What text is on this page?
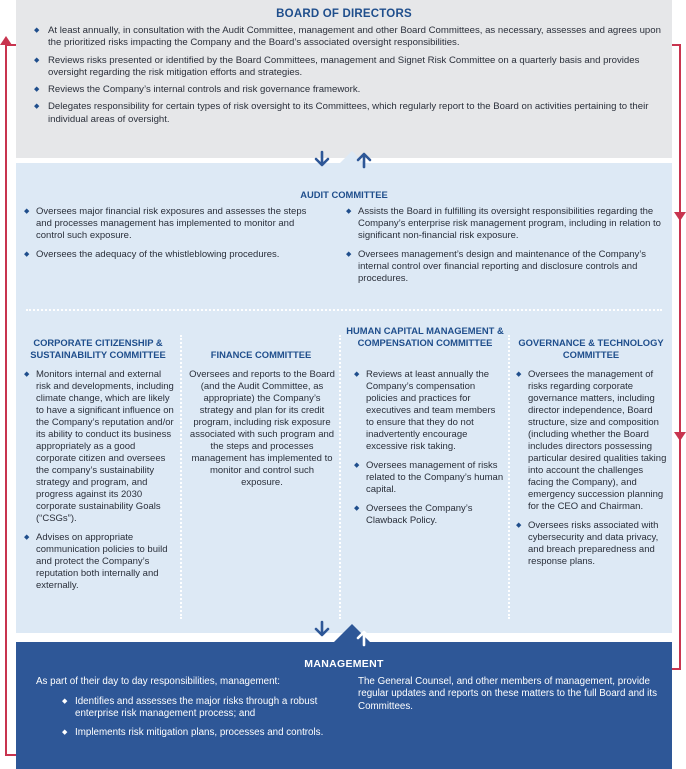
BOARD OF DIRECTORS
◆ At least annually, in consultation with the Audit Committee, management and other Board Committees, as necessary, assesses and agrees upon the prioritized risks impacting the Company and the Board’s associated oversight responsibilities.
◆ Reviews risks presented or identified by the Board Committees, management and Signet Risk Committee on a quarterly basis and provides oversight regarding the risk mitigation efforts and strategies.
◆ Reviews the Company’s internal controls and risk governance framework.
◆ Delegates responsibility for certain types of risk oversight to its Committees, which regularly report to the Board on activities pertaining to their individual areas of oversight.
AUDIT COMMITTEE
◆ Oversees major financial risk exposures and assesses the steps and processes management has implemented to monitor and control such exposure.
◆ Oversees the adequacy of the whistleblowing procedures.
◆ Assists the Board in fulfilling its oversight responsibilities regarding the Company’s enterprise risk management program, including in relation to significant non-financial risk exposure.
◆ Oversees management’s design and maintenance of the Company’s internal control over financial reporting and disclosure controls and procedures.
CORPORATE CITIZENSHIP & SUSTAINABILITY COMMITTEE
◆ Monitors internal and external risk and developments, including climate change, which are likely to have a significant influence on the Company’s reputation and/or its ability to conduct its business appropriately as a good corporate citizen and oversees the company’s sustainability strategy and program, and progress against its 2030 corporate sustainability Goals (“CSGs”).
◆ Advises on appropriate communication policies to build and protect the Company’s reputation both internally and externally.
FINANCE COMMITTEE
Oversees and reports to the Board (and the Audit Committee, as appropriate) the Company’s strategy and plan for its credit program, including risk exposure associated with such program and the steps and processes management has implemented to monitor and control such exposure.
HUMAN CAPITAL MANAGEMENT & COMPENSATION COMMITTEE
◆ Reviews at least annually the Company’s compensation policies and practices for executives and team members to ensure that they do not inadvertently encourage excessive risk taking.
◆ Oversees management of risks related to the Company’s human capital.
◆ Oversees the Company’s Clawback Policy.
GOVERNANCE & TECHNOLOGY COMMITTEE
◆ Oversees the management of risks regarding corporate governance matters, including director independence, Board structure, size and composition (including whether the Board includes directors possessing particular desired qualities taking into account the challenges facing the Company), and emergency succession planning for the CEO and Chairman.
◆ Oversees risks associated with cybersecurity and data privacy, and breach preparedness and response plans.
MANAGEMENT
As part of their day to day responsibilities, management:
◆ Identifies and assesses the major risks through a robust enterprise risk management process; and
◆ Implements risk mitigation plans, processes and controls.
The General Counsel, and other members of management, provide regular updates and reports on these matters to the full Board and its Committees.
